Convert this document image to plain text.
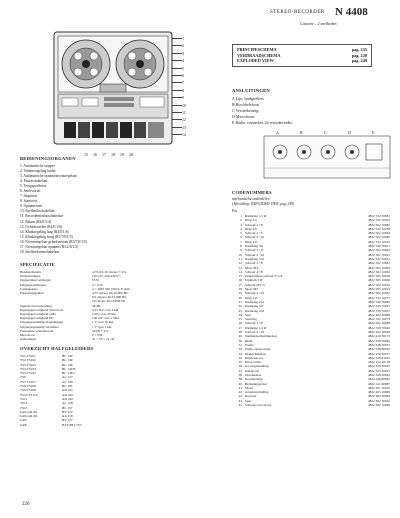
STEREO-RECORDER N 4408
Cassette – 2 snelheden
PRINCIPESCHEMA	pag. 235
VERDRAADSCHEMA	pag. 228
EXPLODED VIEW	pag. 249
1
2
3
4
5
6
7
8
9
10
11
12
13
14
15 16 17 18 19 20
ANSLUITINGEN
A Lijn, luidsprekers
B Hoofdtelefoon
C Versterkeruitg.
D Microfoons
E Radio, versterker, 2e recorder-radio
A	B	C	D	E
BEDIENINGSORGANEN
1. Automatische stopper
2. Volumeregeling luider
3. Automatische opnameniveauregelaar
4. Pauzeschakelaar
5. Terugspoeltoets
6. Snelvooruit
7. Stoptoets
8. Starttoets
9. Opnametoets
10. Snelheidsschakelaar
11. Recordermodusschakelaar
12. Balans (R4/0/1/4)
13. Geluidssterkte (R4/0/1/6)
14. Klankregeling laag (R4/0/1/6)
15. Klankregeling hoog (R5/7/0/1/5)
16. Niveauregelaar geluidsniveau (R5/7/0/1/5)
17. Niveauregelaar opname (R1/2/0/1/2)
18. Snelheidsomschakelaar
SPECIFICATIE
Bandsnelheden	4,75-9,5-19 cm/sec ± 2%
Netspanningen	110-127-220-240 V~
Opgenomen vermogen	55 W
Uitgangsvermogen	2 × 6 W
Luidsprekers	2 × 4822 240 10015, 8 ohm
Frequentiegebied	4,75 cm/sec 60-10.000 Hz
9,5 cm/sec 40-15.000 Hz
19 cm/sec 40-18.000 Hz
Signaal-ruisverhouding	48 dB
Ingangsgevoeligheid microfoon	0,25 mV over 2 kΩ
Ingangsgevoeligheid radio	2 mV over 20 kΩ
Ingangsgevoeligheid PU	100 mV over 1 MΩ
Uitgangsspanning diodeuitgang	1 V over 10 kΩ
Uitgangsspanning versterker	1 V over 1 kΩ
Frequentie wisselstroom	50 Hz ± 2%
Microfoon	2 × EM
Afmetingen	41 × 35 × 21 cm
OVERZICHT HALFGELEIDERS
TS1-TS101	BC 149
TS2-TS102	BC 149
TS3-TS103	BC 149
TS4-TS104	BC 149 B
TS5-TS105	BC 148 C
TS6	AC 127
TS7-TS107	AC 128
TS8-TS108	BC 187
TS9-TS109	AD 161
TS10-TS110	AD 162
TS11	AD 162
TS12	AC 128
TS13	BC 107
GR1-GR101	BY 122
GR2-GR102	AA 119
GR3	BY 127
GR8	BZY 88 C7V5
CODENUMMERS
mechanische onderdelen
(Afbeelding: EXPLODED VIEW, pag. 249)
Pos.
1 Klemring 1,5 Ø	4822 532 50081
2 Ring 3,2	4822 532 10201
3 Schroef 4 ×8	4822 502 10087
4 Ring 4,0	4822 532 10258
5 Schroef 4 ×5	4822 502 10064
6 Schroef 4 ×10	4822 502 10060
7 Ring 3,0	4822 532 10222
8 Klemring 3,0	4822 530 70021
9 Schroef 3 ×6	4822 502 10061
10 Schroef 3 ×10	4822 502 10021
11 Klemring 3 Ø	4822 532 50051
12 Schroef 3 ×8	4822 502 10081
13 Moer M3	4822 505 10005
14 Schroef 4 ×8	4822 502 10092
15 Zeskantmoer schroef 3×1/4	4822 505 10036
16 Lipklem 5 Ø	4822 505 10006
17 Schroef M3×5	4822 502 10034
18 Moer M3	4822 505 10013
19 Schroef 3 ×10	4822 502 10057
20 Ring 4 Ø	4822 532 10277
21 Klemring 2 Ø	4822 530 70083
22 Klemring 3,0	4822 530 70041
23 Klemring 4 Ø	4822 530 70051
24 Veer	4822 492 30069
25 Veerring	4822 532 10273
26 Schroef 3 ×8	4822 502 10089
27 Klemring 1,5 Ø	4822 530 70042
28 Schroef 4 ×10	4822 502 10056
29 Snelheidsomschakelaar	4822 410 30172
30 Riem	4822 358 30042
31 Poelie	4822 528 70033
32 Pomp-opspoelwiel	4822 528 80052
33 Drukschakelaar	4822 276 10077
34 Rubberen rol	4822 528 81032
35 Knop rechts	4822 410 20116
36 As-vergrendeling	4822 528 30025
37 Inslagvoet	4822 535 40031
38 Opwikkelas	4822 528 30043
39 Kopmontage	4822 249 80002
40 Bedieningsplaat	4822 411 60087
41 Motor	4822 361 50019
42 Afremverbinding	4822 403 10009
43 Kopveer	4822 492 30064
44 Veer	4822 492 30045
45 Schroef voor motor	4822 502 10066
226
